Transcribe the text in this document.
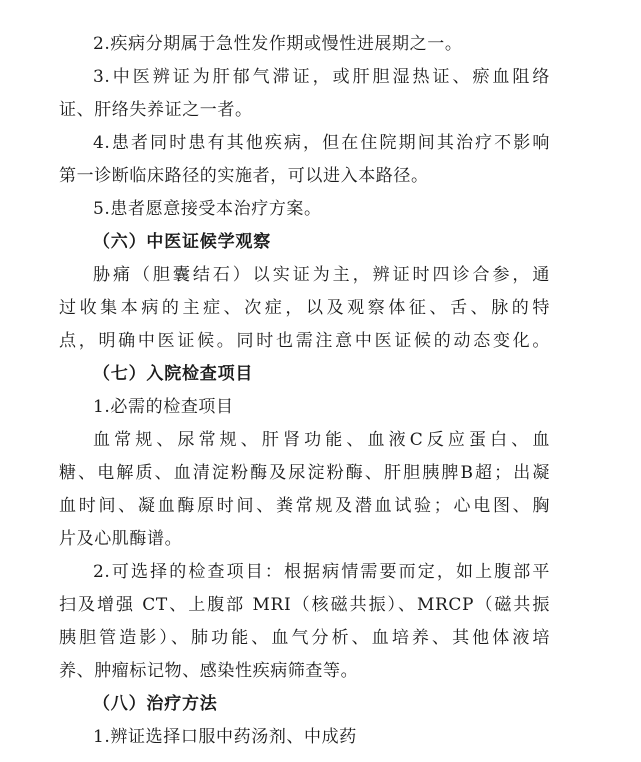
2.疾病分期属于急性发作期或慢性进展期之一。
3.中医辨证为肝郁气滞证，或肝胆湿热证、瘀血阻络
证、肝络失养证之一者。
4.患者同时患有其他疾病，但在住院期间其治疗不影响
第一诊断临床路径的实施者，可以进入本路径。
5.患者愿意接受本治疗方案。
（六）中医证候学观察
胁痛（胆囊结石）以实证为主，辨证时四诊合参，通
过收集本病的主症、次症，以及观察体征、舌、脉的特
点，明确中医证候。同时也需注意中医证候的动态变化。
（七）入院检查项目
1.必需的检查项目
血常规、尿常规、肝肾功能、血液C反应蛋白、血
糖、电解质、血清淀粉酶及尿淀粉酶、肝胆胰脾B超；出凝
血时间、凝血酶原时间、粪常规及潜血试验；心电图、胸
片及心肌酶谱。
2.可选择的检查项目：根据病情需要而定，如上腹部平
扫及增强 CT、上腹部 MRI（核磁共振）、MRCP（磁共振
胰胆管造影）、肺功能、血气分析、血培养、其他体液培
养、肿瘤标记物、感染性疾病筛查等。
（八）治疗方法
1.辨证选择口服中药汤剂、中成药
